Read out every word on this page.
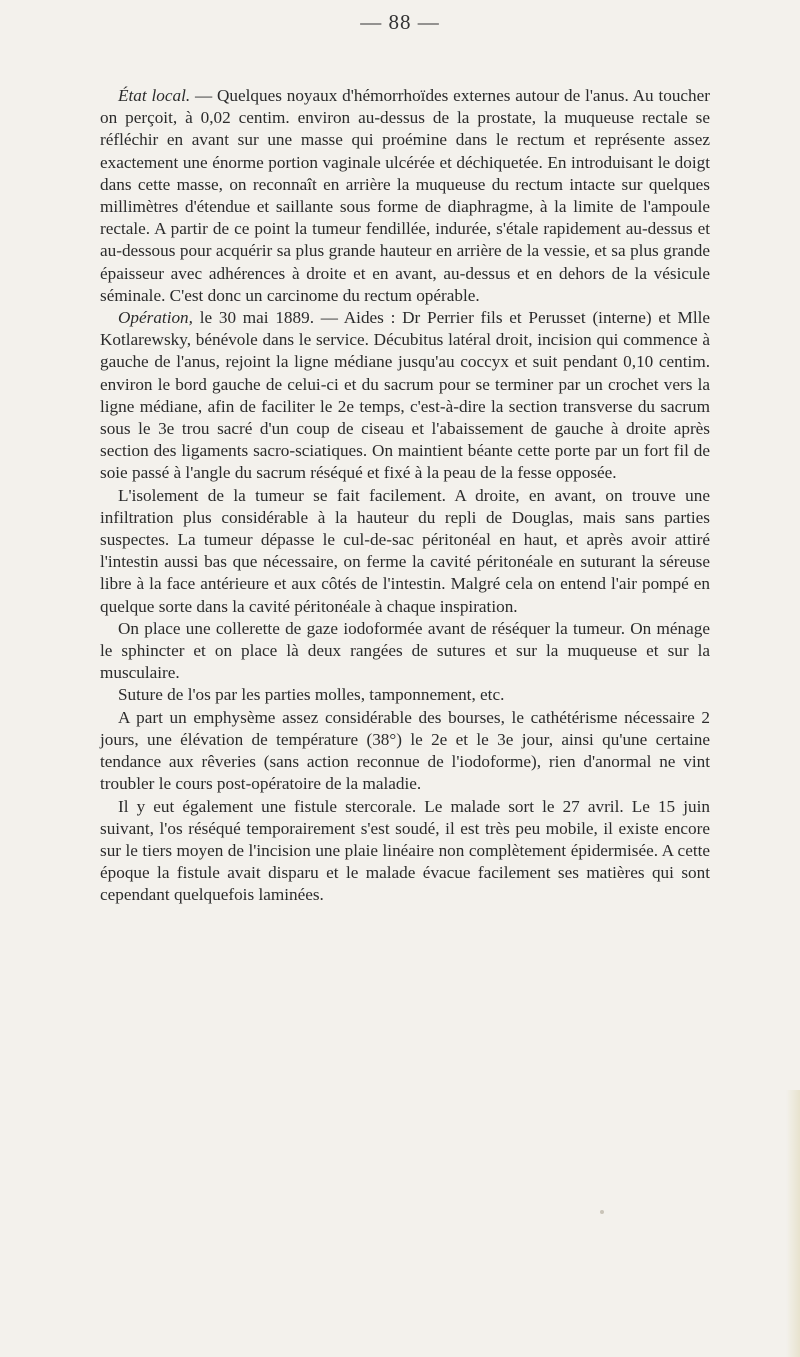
— 88 —

État local. — Quelques noyaux d'hémorrhoïdes externes autour de l'anus. Au toucher on perçoit, à 0,02 centim. environ au-dessus de la prostate, la muqueuse rectale se réfléchir en avant sur une masse qui proémine dans le rectum et représente assez exactement une énorme portion vaginale ulcérée et déchiquetée. En introduisant le doigt dans cette masse, on reconnaît en arrière la muqueuse du rectum intacte sur quelques millimètres d'étendue et saillante sous forme de diaphragme, à la limite de l'ampoule rectale. A partir de ce point la tumeur fendillée, indurée, s'étale rapidement au-dessus et au-dessous pour acquérir sa plus grande hauteur en arrière de la vessie, et sa plus grande épaisseur avec adhérences à droite et en avant, au-dessus et en dehors de la vésicule séminale. C'est donc un carcinome du rectum opérable.

Opération, le 30 mai 1889. — Aides : Dr Perrier fils et Perusset (interne) et Mlle Kotlarewsky, bénévole dans le service. Décubitus latéral droit, incision qui commence à gauche de l'anus, rejoint la ligne médiane jusqu'au coccyx et suit pendant 0,10 centim. environ le bord gauche de celui-ci et du sacrum pour se terminer par un crochet vers la ligne médiane, afin de faciliter le 2e temps, c'est-à-dire la section transverse du sacrum sous le 3e trou sacré d'un coup de ciseau et l'abaissement de gauche à droite après section des ligaments sacro-sciatiques. On maintient béante cette porte par un fort fil de soie passé à l'angle du sacrum réséqué et fixé à la peau de la fesse opposée.

L'isolement de la tumeur se fait facilement. A droite, en avant, on trouve une infiltration plus considérable à la hauteur du repli de Douglas, mais sans parties suspectes. La tumeur dépasse le cul-de-sac péritonéal en haut, et après avoir attiré l'intestin aussi bas que nécessaire, on ferme la cavité péritonéale en suturant la séreuse libre à la face antérieure et aux côtés de l'intestin. Malgré cela on entend l'air pompé en quelque sorte dans la cavité péritonéale à chaque inspiration.

On place une collerette de gaze iodoformée avant de réséquer la tumeur. On ménage le sphincter et on place là deux rangées de sutures et sur la muqueuse et sur la musculaire.

Suture de l'os par les parties molles, tamponnement, etc.

A part un emphysème assez considérable des bourses, le cathétérisme nécessaire 2 jours, une élévation de température (38°) le 2e et le 3e jour, ainsi qu'une certaine tendance aux rêveries (sans action reconnue de l'iodoforme), rien d'anormal ne vint troubler le cours post-opératoire de la maladie.

Il y eut également une fistule stercorale. Le malade sort le 27 avril. Le 15 juin suivant, l'os réséqué temporairement s'est soudé, il est très peu mobile, il existe encore sur le tiers moyen de l'incision une plaie linéaire non complètement épidermisée. A cette époque la fistule avait disparu et le malade évacue facilement ses matières qui sont cependant quelquefois laminées.
